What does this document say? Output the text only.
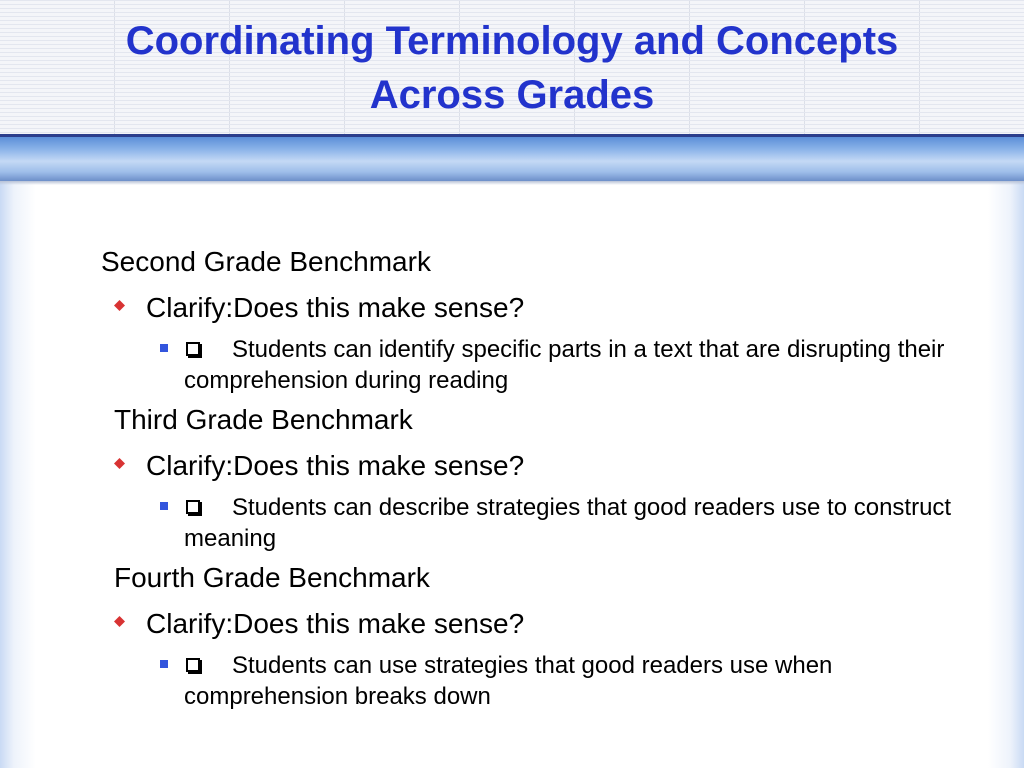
Coordinating Terminology and Concepts
Across Grades
Second Grade Benchmark
Clarify:Does this make sense?
Students can identify specific parts in a text that are disrupting their comprehension during reading
Third Grade Benchmark
Clarify:Does this make sense?
Students can describe strategies that good readers use to construct meaning
Fourth Grade Benchmark
Clarify:Does this make sense?
Students can use strategies that good readers use when comprehension breaks down
